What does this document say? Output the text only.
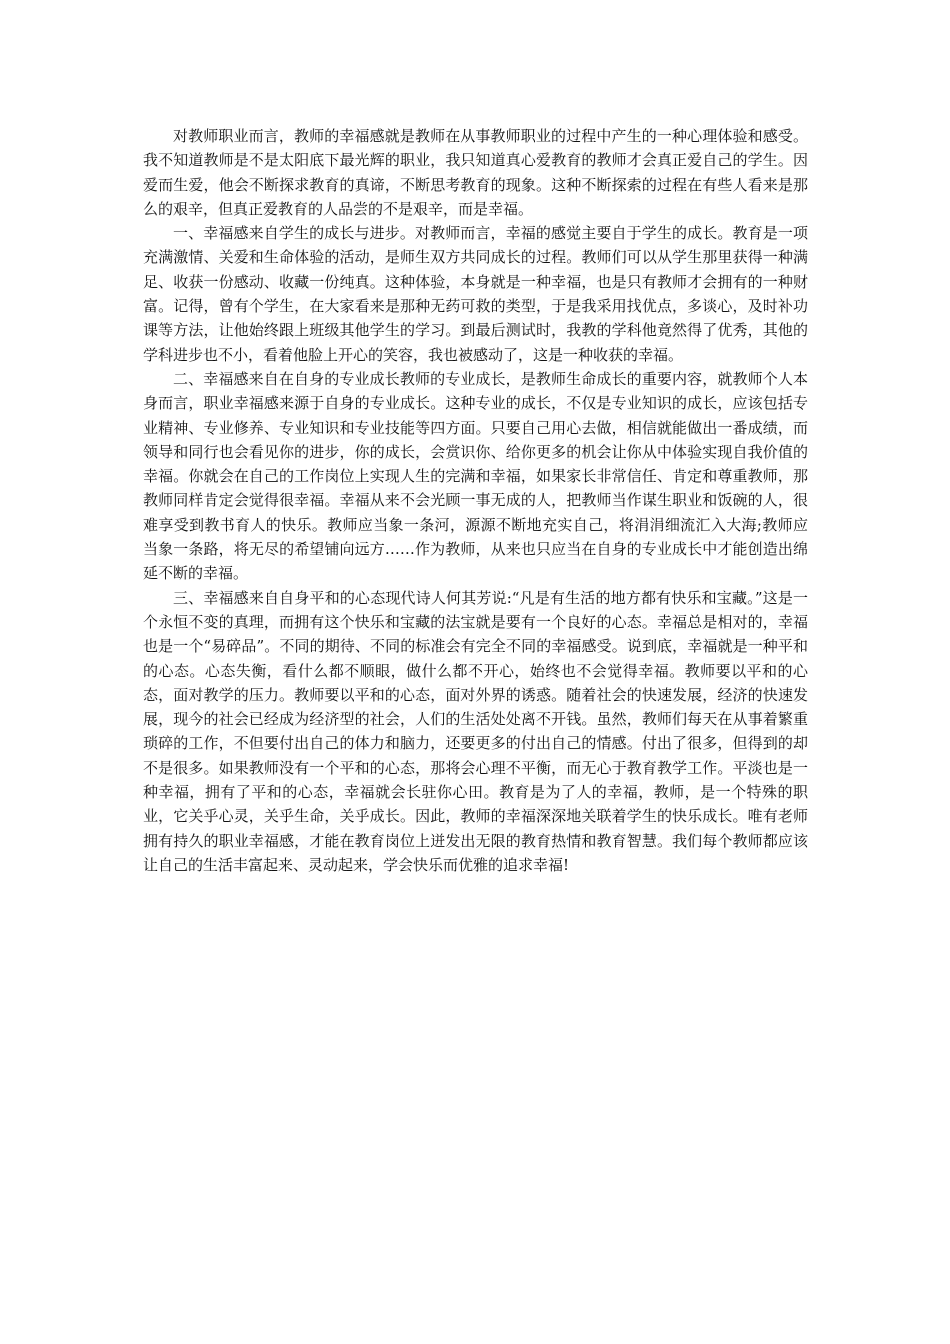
对教师职业而言，教师的幸福感就是教师在从事教师职业的过程中产生的一种心理体验和感受。我不知道教师是不是太阳底下最光辉的职业，我只知道真心爱教育的教师才会真正爱自己的学生。因爱而生爱，他会不断探求教育的真谛，不断思考教育的现象。这种不断探索的过程在有些人看来是那么的艰辛，但真正爱教育的人品尝的不是艰辛，而是幸福。

一、幸福感来自学生的成长与进步。对教师而言，幸福的感觉主要自于学生的成长。教育是一项充满激情、关爱和生命体验的活动，是师生双方共同成长的过程。教师们可以从学生那里获得一种满足、收获一份感动、收藏一份纯真。这种体验，本身就是一种幸福，也是只有教师才会拥有的一种财富。记得，曾有个学生，在大家看来是那种无药可救的类型，于是我采用找优点，多谈心，及时补功课等方法，让他始终跟上班级其他学生的学习。到最后测试时，我教的学科他竟然得了优秀，其他的学科进步也不小，看着他脸上开心的笑容，我也被感动了，这是一种收获的幸福。

二、幸福感来自在自身的专业成长教师的专业成长，是教师生命成长的重要内容，就教师个人本身而言，职业幸福感来源于自身的专业成长。这种专业的成长，不仅是专业知识的成长，应该包括专业精神、专业修养、专业知识和专业技能等四方面。只要自己用心去做，相信就能做出一番成绩，而领导和同行也会看见你的进步，你的成长，会赏识你、给你更多的机会让你从中体验实现自我价值的幸福。你就会在自己的工作岗位上实现人生的完满和幸福，如果家长非常信任、肯定和尊重教师，那教师同样肯定会觉得很幸福。幸福从来不会光顾一事无成的人，把教师当作谋生职业和饭碗的人，很难享受到教书育人的快乐。教师应当象一条河，源源不断地充实自己，将涓涓细流汇入大海;教师应当象一条路，将无尽的希望铺向远方……作为教师，从来也只应当在自身的专业成长中才能创造出绵延不断的幸福。

三、幸福感来自自身平和的心态现代诗人何其芳说:“凡是有生活的地方都有快乐和宝藏。”这是一个永恒不变的真理，而拥有这个快乐和宝藏的法宝就是要有一个良好的心态。幸福总是相对的，幸福也是一个“易碎品”。不同的期待、不同的标准会有完全不同的幸福感受。说到底，幸福就是一种平和的心态。心态失衡，看什么都不顺眼，做什么都不开心，始终也不会觉得幸福。教师要以平和的心态，面对教学的压力。教师要以平和的心态，面对外界的诱惑。随着社会的快速发展，经济的快速发展，现今的社会已经成为经济型的社会，人们的生活处处离不开钱。虽然，教师们每天在从事着繁重琐碎的工作，不但要付出自己的体力和脑力，还要更多的付出自己的情感。付出了很多，但得到的却不是很多。如果教师没有一个平和的心态，那将会心理不平衡，而无心于教育教学工作。平淡也是一种幸福，拥有了平和的心态，幸福就会长驻你心田。教育是为了人的幸福，教师，是一个特殊的职业，它关乎心灵，关乎生命，关乎成长。因此，教师的幸福深深地关联着学生的快乐成长。唯有老师拥有持久的职业幸福感，才能在教育岗位上迸发出无限的教育热情和教育智慧。我们每个教师都应该让自己的生活丰富起来、灵动起来，学会快乐而优雅的追求幸福!
